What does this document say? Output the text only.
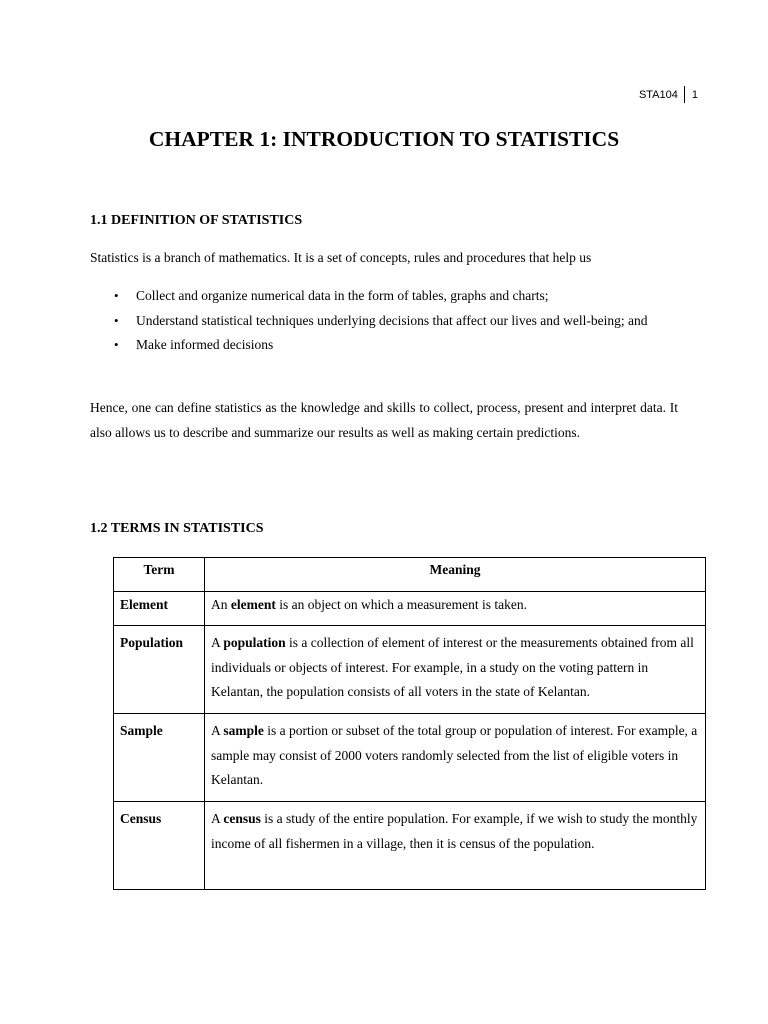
STA104 1
CHAPTER 1: INTRODUCTION TO STATISTICS
1.1 DEFINITION OF STATISTICS

Statistics is a branch of mathematics. It is a set of concepts, rules and procedures that help us

• Collect and organize numerical data in the form of tables, graphs and charts;
• Understand statistical techniques underlying decisions that affect our lives and well-being; and
• Make informed decisions

Hence, one can define statistics as the knowledge and skills to collect, process, present and interpret data. It also allows us to describe and summarize our results as well as making certain predictions.

1.2 TERMS IN STATISTICS
Term	Meaning
Element	An element is an object on which a measurement is taken.
Population	A population is a collection of element of interest or the measurements obtained from all individuals or objects of interest. For example, in a study on the voting pattern in Kelantan, the population consists of all voters in the state of Kelantan.
Sample	A sample is a portion or subset of the total group or population of interest. For example, a sample may consist of 2000 voters randomly selected from the list of eligible voters in Kelantan.
Census	A census is a study of the entire population. For example, if we wish to study the monthly income of all fishermen in a village, then it is census of the population.
